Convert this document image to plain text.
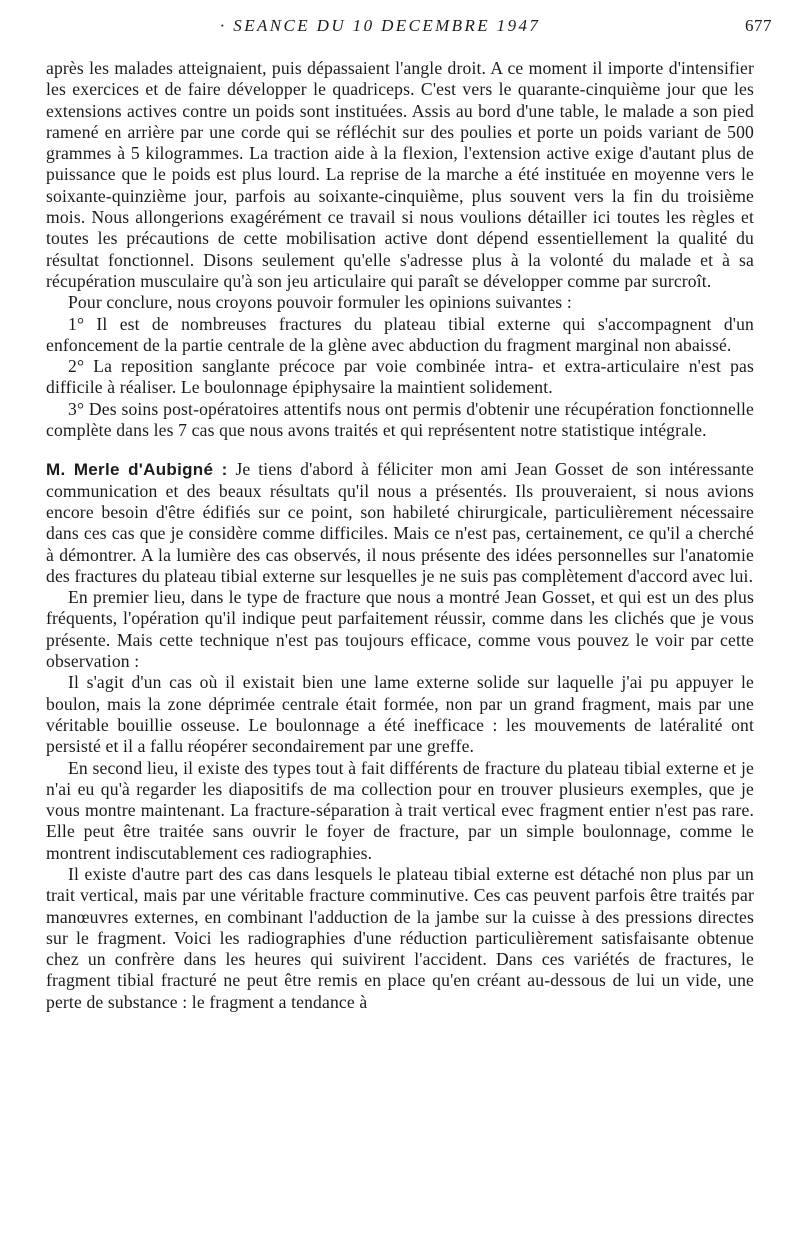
· SEANCE DU 10 DECEMBRE 1947	677

après les malades atteignaient, puis dépassaient l'angle droit. A ce moment il importe d'intensifier les exercices et de faire développer le quadriceps. C'est vers le quarante-cinquième jour que les extensions actives contre un poids sont instituées. Assis au bord d'une table, le malade a son pied ramené en arrière par une corde qui se réfléchit sur des poulies et porte un poids variant de 500 grammes à 5 kilogrammes. La traction aide à la flexion, l'extension active exige d'autant plus de puissance que le poids est plus lourd. La reprise de la marche a été instituée en moyenne vers le soixante-quinzième jour, parfois au soixante-cinquième, plus souvent vers la fin du troisième mois. Nous allongerions exagérément ce travail si nous voulions détailler ici toutes les règles et toutes les précautions de cette mobilisation active dont dépend essentiellement la qualité du résultat fonctionnel. Disons seulement qu'elle s'adresse plus à la volonté du malade et à sa récupération musculaire qu'à son jeu articulaire qui paraît se développer comme par surcroît.

Pour conclure, nous croyons pouvoir formuler les opinions suivantes :

1° Il est de nombreuses fractures du plateau tibial externe qui s'accompagnent d'un enfoncement de la partie centrale de la glène avec abduction du fragment marginal non abaissé.

2° La reposition sanglante précoce par voie combinée intra- et extra-articulaire n'est pas difficile à réaliser. Le boulonnage épiphysaire la maintient solidement.

3° Des soins post-opératoires attentifs nous ont permis d'obtenir une récupération fonctionnelle complète dans les 7 cas que nous avons traités et qui représentent notre statistique intégrale.

M. Merle d'Aubigné : Je tiens d'abord à féliciter mon ami Jean Gosset de son intéressante communication et des beaux résultats qu'il nous a présentés. Ils prouveraient, si nous avions encore besoin d'être édifiés sur ce point, son habileté chirurgicale, particulièrement nécessaire dans ces cas que je considère comme difficiles. Mais ce n'est pas, certainement, ce qu'il a cherché à démontrer. A la lumière des cas observés, il nous présente des idées personnelles sur l'anatomie des fractures du plateau tibial externe sur lesquelles je ne suis pas complètement d'accord avec lui.

En premier lieu, dans le type de fracture que nous a montré Jean Gosset, et qui est un des plus fréquents, l'opération qu'il indique peut parfaitement réussir, comme dans les clichés que je vous présente. Mais cette technique n'est pas toujours efficace, comme vous pouvez le voir par cette observation :

Il s'agit d'un cas où il existait bien une lame externe solide sur laquelle j'ai pu appuyer le boulon, mais la zone déprimée centrale était formée, non par un grand fragment, mais par une véritable bouillie osseuse. Le boulonnage a été inefficace : les mouvements de latéralité ont persisté et il a fallu réopérer secondairement par une greffe.

En second lieu, il existe des types tout à fait différents de fracture du plateau tibial externe et je n'ai eu qu'à regarder les diapositifs de ma collection pour en trouver plusieurs exemples, que je vous montre maintenant. La fracture-séparation à trait vertical evec fragment entier n'est pas rare. Elle peut être traitée sans ouvrir le foyer de fracture, par un simple boulonnage, comme le montrent indiscutablement ces radiographies.

Il existe d'autre part des cas dans lesquels le plateau tibial externe est détaché non plus par un trait vertical, mais par une véritable fracture comminutive. Ces cas peuvent parfois être traités par manœuvres externes, en combinant l'adduction de la jambe sur la cuisse à des pressions directes sur le fragment. Voici les radiographies d'une réduction particulièrement satisfaisante obtenue chez un confrère dans les heures qui suivirent l'accident. Dans ces variétés de fractures, le fragment tibial fracturé ne peut être remis en place qu'en créant au-dessous de lui un vide, une perte de substance : le fragment a tendance à
